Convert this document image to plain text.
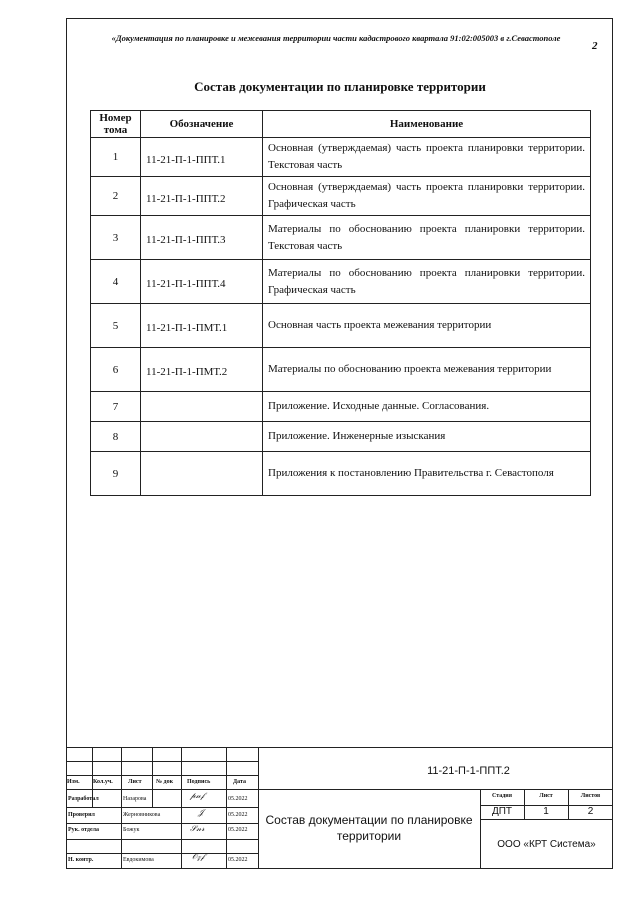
«Документация по планировке и межевания территории части кадастрового квартала 91:02:005003 в г.Севастополе
2
Состав документации по планировке территории
Номер тома	Обозначение	Наименование
1	11-21-П-1-ППТ.1	Основная (утверждаемая) часть проекта планировки территории. Текстовая часть
2	11-21-П-1-ППТ.2	Основная (утверждаемая) часть проекта планировки территории. Графическая часть
3	11-21-П-1-ППТ.3	Материалы по обоснованию проекта планировки территории. Текстовая часть
4	11-21-П-1-ППТ.4	Материалы по обоснованию проекта планировки территории. Графическая часть
5	11-21-П-1-ПМТ.1	Основная часть проекта межевания территории
6	11-21-П-1-ПМТ.2	Материалы по обоснованию проекта межевания территории
7		Приложение. Исходные данные. Согласования.
8		Приложение. Инженерные изыскания
9		Приложения к постановлению Правительства г. Севастополя
Изм. Кол.уч.	Лист № док Подпись	Дата
Разработал	Назарова	𝓅𝓃𝒻	05.2022
Проверил	Жерновникова	𝒥	05.2022
Рук. отдела	Божук	𝒮𝓃𝓇	05.2022
Н. контр.	Евдокимова	𝒪𝓏𝒻	05.2022
11-21-П-1-ППТ.2
Состав документации по планировке территории
Стадия	Лист	Листов
ДПТ	1	2
ООО «КРТ Система»
